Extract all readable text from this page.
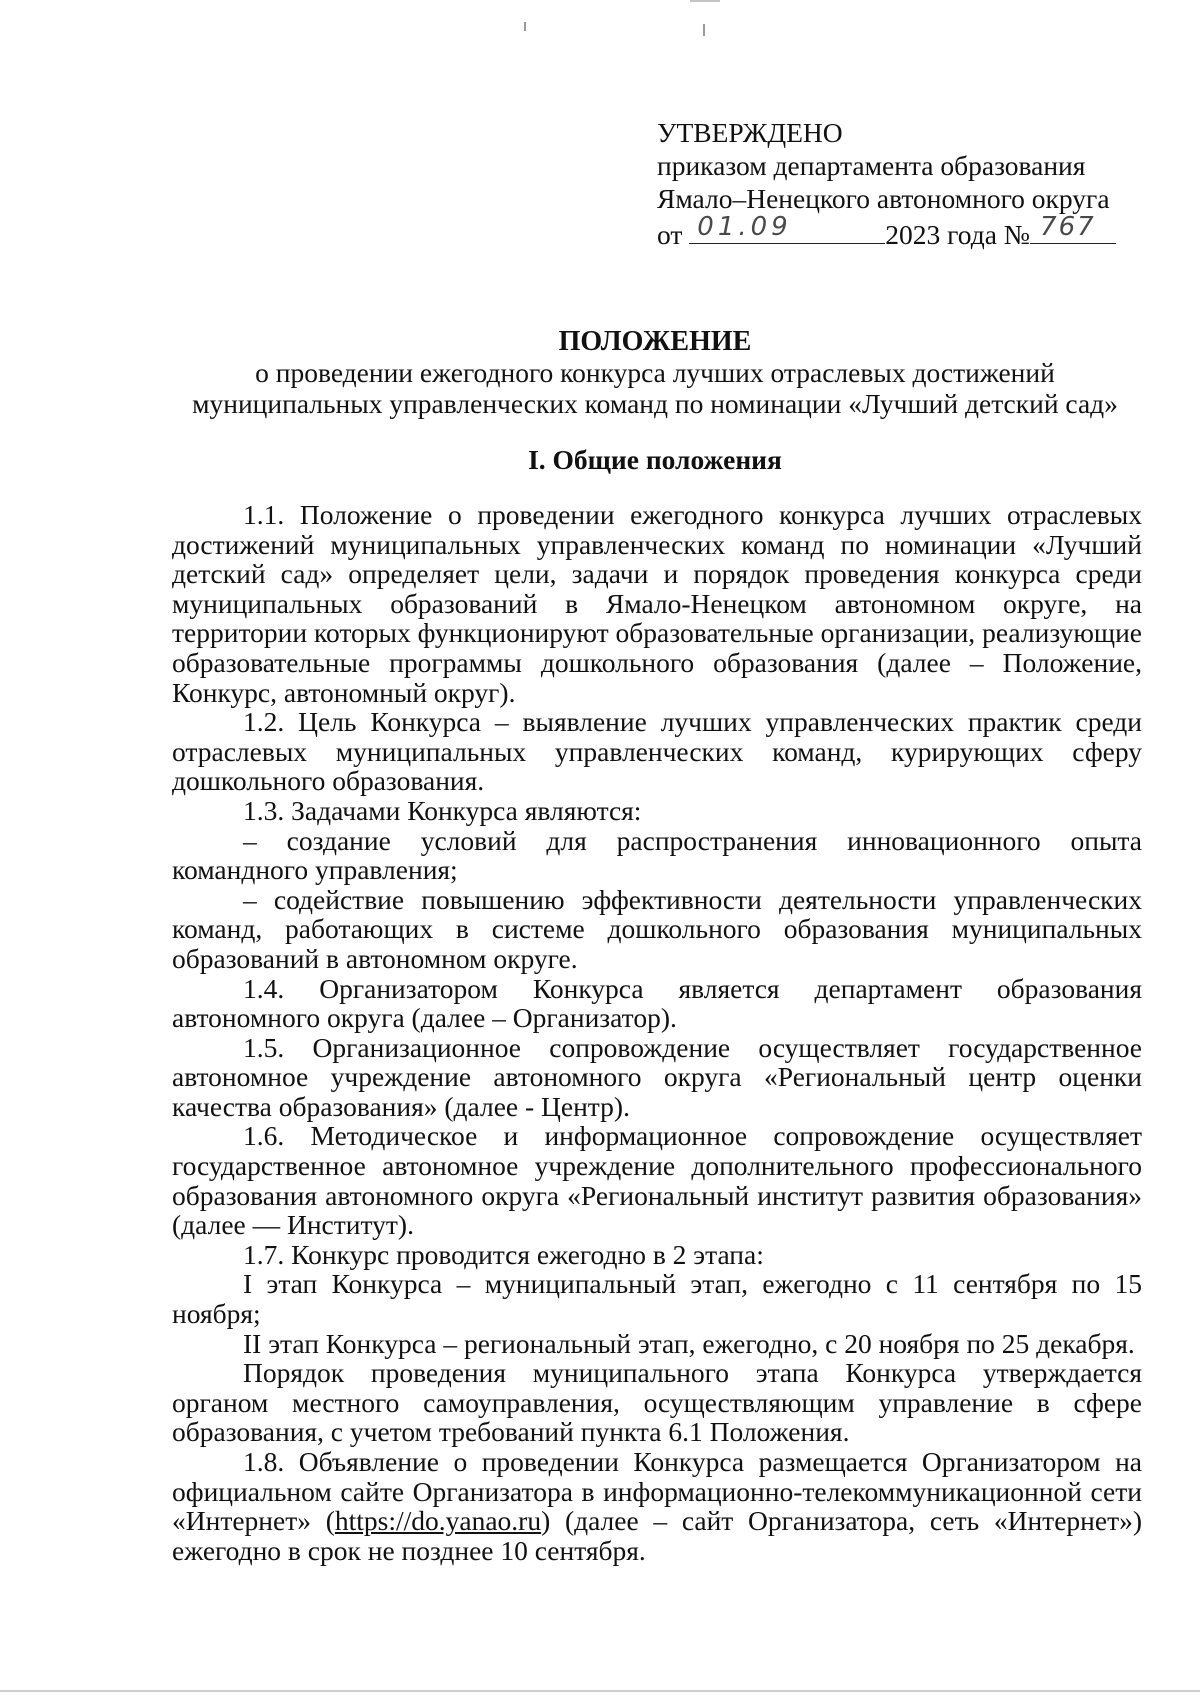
УТВЕРЖДЕНО
приказом департамента образования
Ямало–Ненецкого автономного округа
от 01.09	2023 года № 767
ПОЛОЖЕНИЕ
о проведении ежегодного конкурса лучших отраслевых достижений
муниципальных управленческих команд по номинации «Лучший детский сад»
I. Общие положения

1.1. Положение о проведении ежегодного конкурса лучших отраслевых достижений муниципальных управленческих команд по номинации «Лучший детский сад» определяет цели, задачи и порядок проведения конкурса среди муниципальных образований в Ямало-Ненецком автономном округе, на территории которых функционируют образовательные организации, реализующие образовательные программы дошкольного образования (далее – Положение, Конкурс, автономный округ).

1.2. Цель Конкурса – выявление лучших управленческих практик среди отраслевых муниципальных управленческих команд, курирующих сферу дошкольного образования.

1.3. Задачами Конкурса являются:

– создание условий для распространения инновационного опыта командного управления;

– содействие повышению эффективности деятельности управленческих команд, работающих в системе дошкольного образования муниципальных образований в автономном округе.

1.4. Организатором Конкурса является департамент образования автономного округа (далее – Организатор).

1.5. Организационное сопровождение осуществляет государственное автономное учреждение автономного округа «Региональный центр оценки качества образования» (далее - Центр).

1.6. Методическое и информационное сопровождение осуществляет государственное автономное учреждение дополнительного профессионального образования автономного округа «Региональный институт развития образования» (далее — Институт).

1.7. Конкурс проводится ежегодно в 2 этапа:

I этап Конкурса – муниципальный этап, ежегодно с 11 сентября по 15 ноября;

II этап Конкурса – региональный этап, ежегодно, с 20 ноября по 25 декабря.

Порядок проведения муниципального этапа Конкурса утверждается органом местного самоуправления, осуществляющим управление в сфере образования, с учетом требований пункта 6.1 Положения.

1.8. Объявление о проведении Конкурса размещается Организатором на официальном сайте Организатора в информационно-телекоммуникационной сети «Интернет» (https://do.yanao.ru) (далее – сайт Организатора, сеть «Интернет») ежегодно в срок не позднее 10 сентября.
